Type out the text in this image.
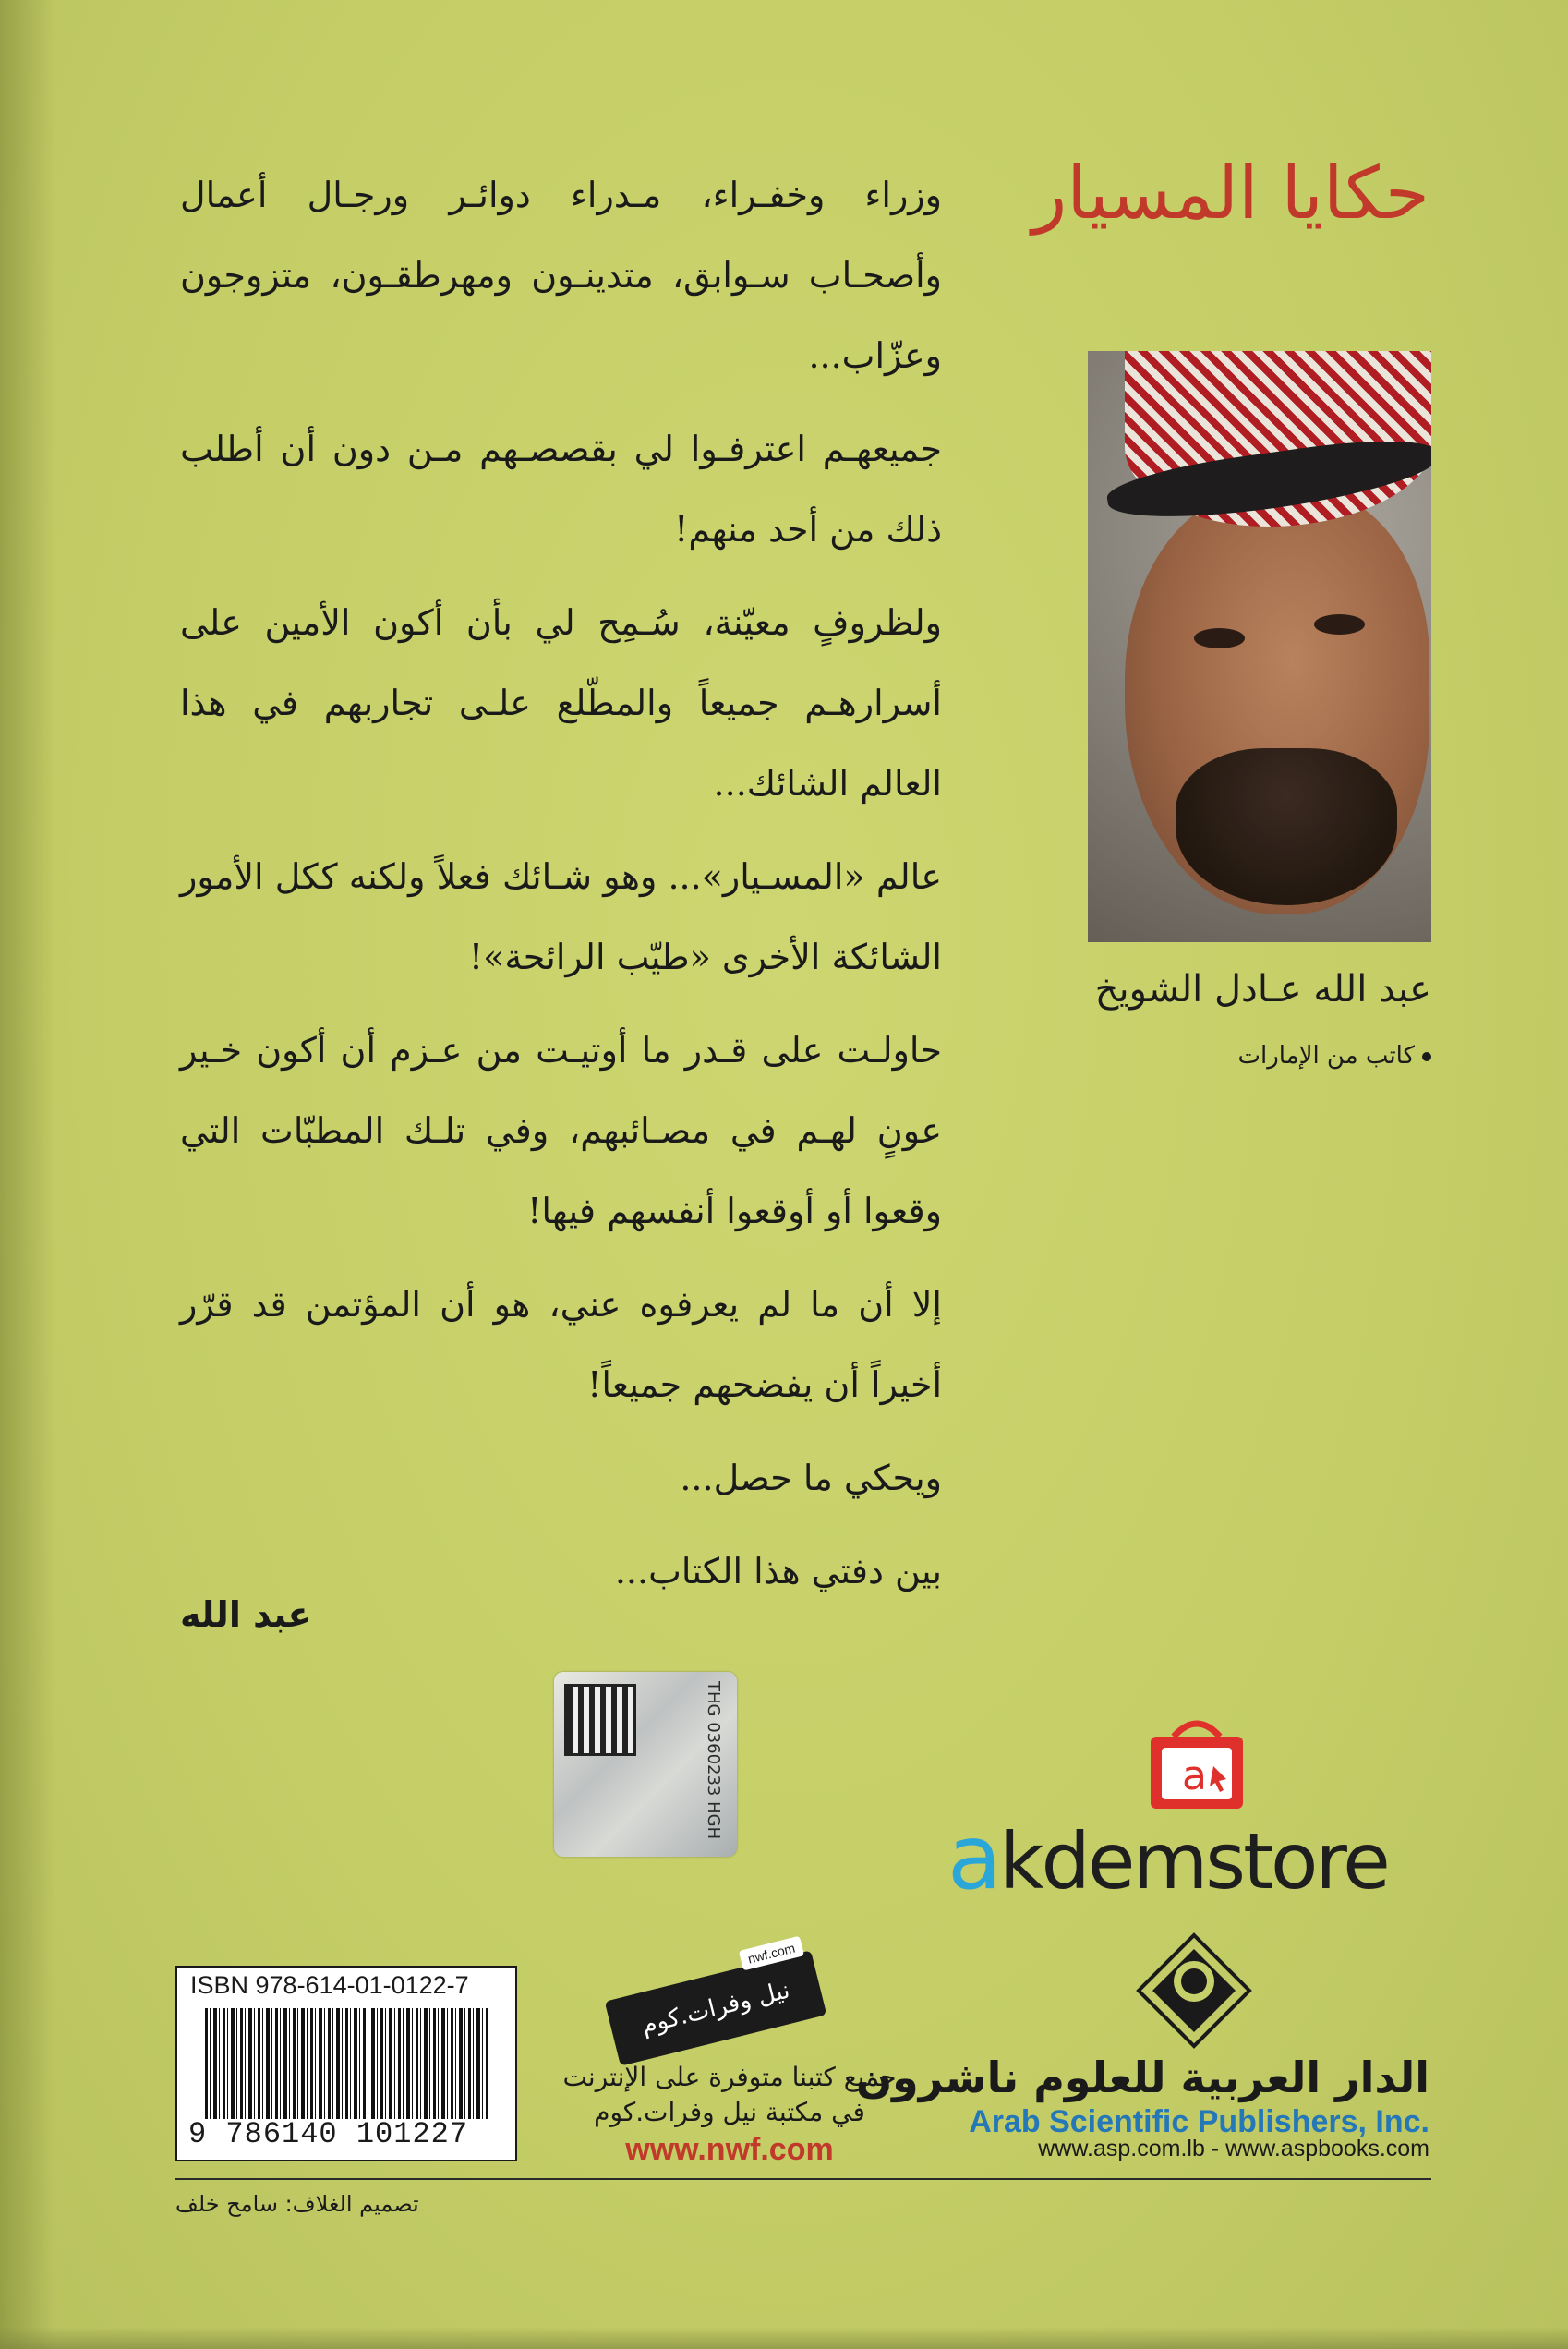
حكايا المسيار
عبد الله عـادل الشويخ
كاتب من الإمارات

وزراء وخفـراء، مـدراء دوائـر ورجـال أعمال وأصحـاب سـوابق، متدينـون ومهرطقـون، متزوجون وعزّاب...

جميعهـم اعترفـوا لي بقصصـهم مـن دون أن أطلب ذلك من أحد منهم!

ولظروفٍ معيّنة، سُـمِح لي بأن أكون الأمين على أسرارهـم جميعاً والمطّلع علـى تجاربهم في هذا العالم الشائك...

عالم «المسـيار»... وهو شـائك فعلاً ولكنه ككل الأمور الشائكة الأخرى «طيّب الرائحة»!

حاولـت على قـدر ما أوتيـت من عـزم أن أكون خـير عونٍ لهـم في مصـائبهم، وفي تلـك المطبّات التي وقعوا أو أوقعوا أنفسهم فيها!

إلا أن ما لم يعرفوه عني، هو أن المؤتمن قد قرّر أخيراً أن يفضحهم جميعاً!

ويحكي ما حصل...

بين دفتي هذا الكتاب...

عبد الله
THG 0360233 HGH
a
akdemstore
الدار العربية للعلوم ناشرون
Arab Scientific Publishers, Inc.
www.asp.com.lb - www.aspbooks.com
nwf.com
نيل وفرات.كوم
جميع كتبنا متوفرة على الإنترنت
في مكتبة نيل وفرات.كوم
www.nwf.com
ISBN 978-614-01-0122-7
9 786140 101227
تصميم الغلاف: سامح خلف
